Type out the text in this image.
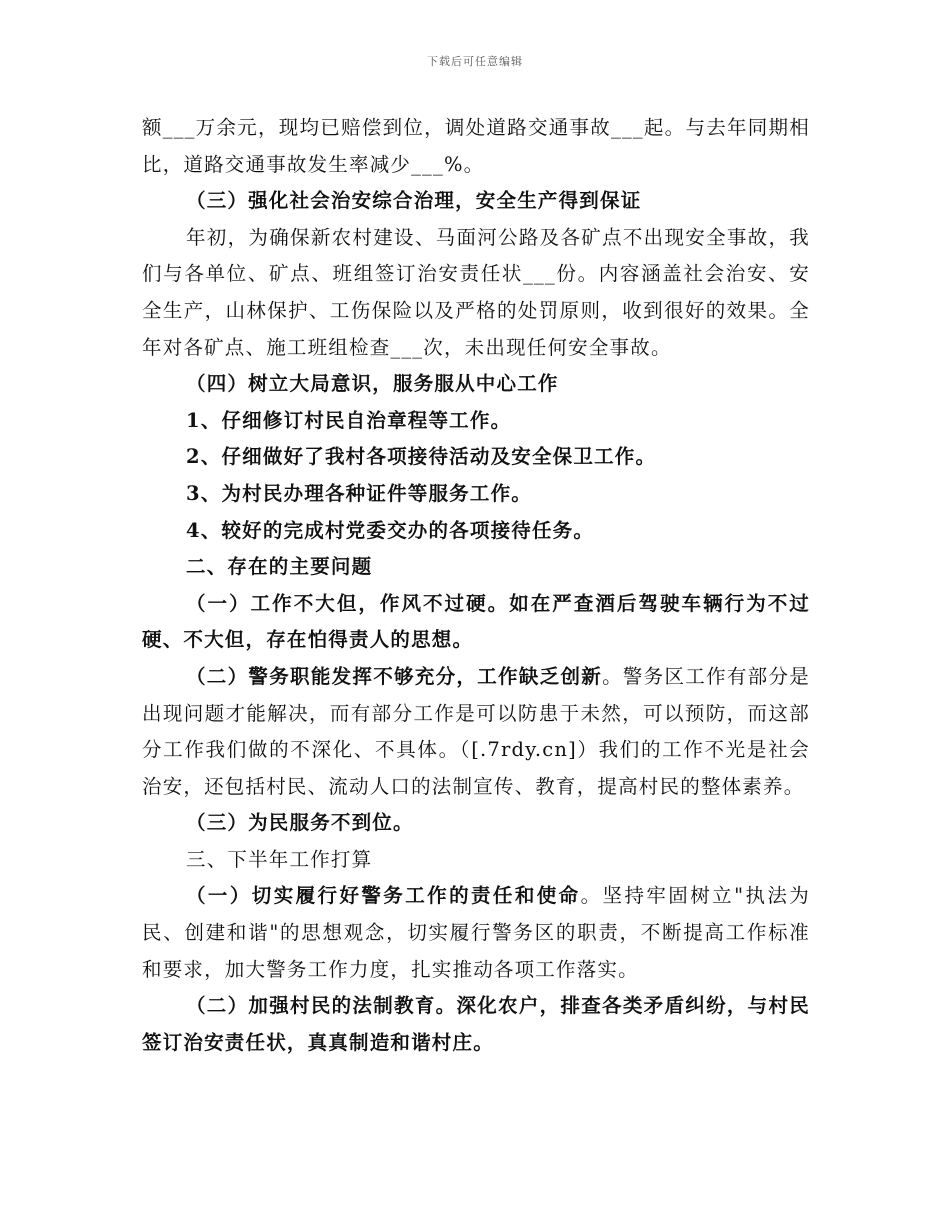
下载后可任意编辑

额___万余元，现均已赔偿到位，调处道路交通事故___起。与去年同期相比，道路交通事故发生率减少___%。

（三）强化社会治安综合治理，安全生产得到保证

年初，为确保新农村建设、马面河公路及各矿点不出现安全事故，我们与各单位、矿点、班组签订治安责任状___份。内容涵盖社会治安、安全生产，山林保护、工伤保险以及严格的处罚原则，收到很好的效果。全年对各矿点、施工班组检查___次，未出现任何安全事故。

（四）树立大局意识，服务服从中心工作

1、仔细修订村民自治章程等工作。

2、仔细做好了我村各项接待活动及安全保卫工作。

3、为村民办理各种证件等服务工作。

4、较好的完成村党委交办的各项接待任务。

二、存在的主要问题

（一）工作不大但，作风不过硬。如在严查酒后驾驶车辆行为不过硬、不大但，存在怕得责人的思想。

（二）警务职能发挥不够充分，工作缺乏创新。警务区工作有部分是出现问题才能解决，而有部分工作是可以防患于未然，可以预防，而这部分工作我们做的不深化、不具体。（[.7rdy.cn]）我们的工作不光是社会治安，还包括村民、流动人口的法制宣传、教育，提高村民的整体素养。

（三）为民服务不到位。

三、下半年工作打算

（一）切实履行好警务工作的责任和使命。坚持牢固树立"执法为民、创建和谐"的思想观念，切实履行警务区的职责，不断提高工作标准和要求，加大警务工作力度，扎实推动各项工作落实。

（二）加强村民的法制教育。深化农户，排查各类矛盾纠纷，与村民签订治安责任状，真真制造和谐村庄。
